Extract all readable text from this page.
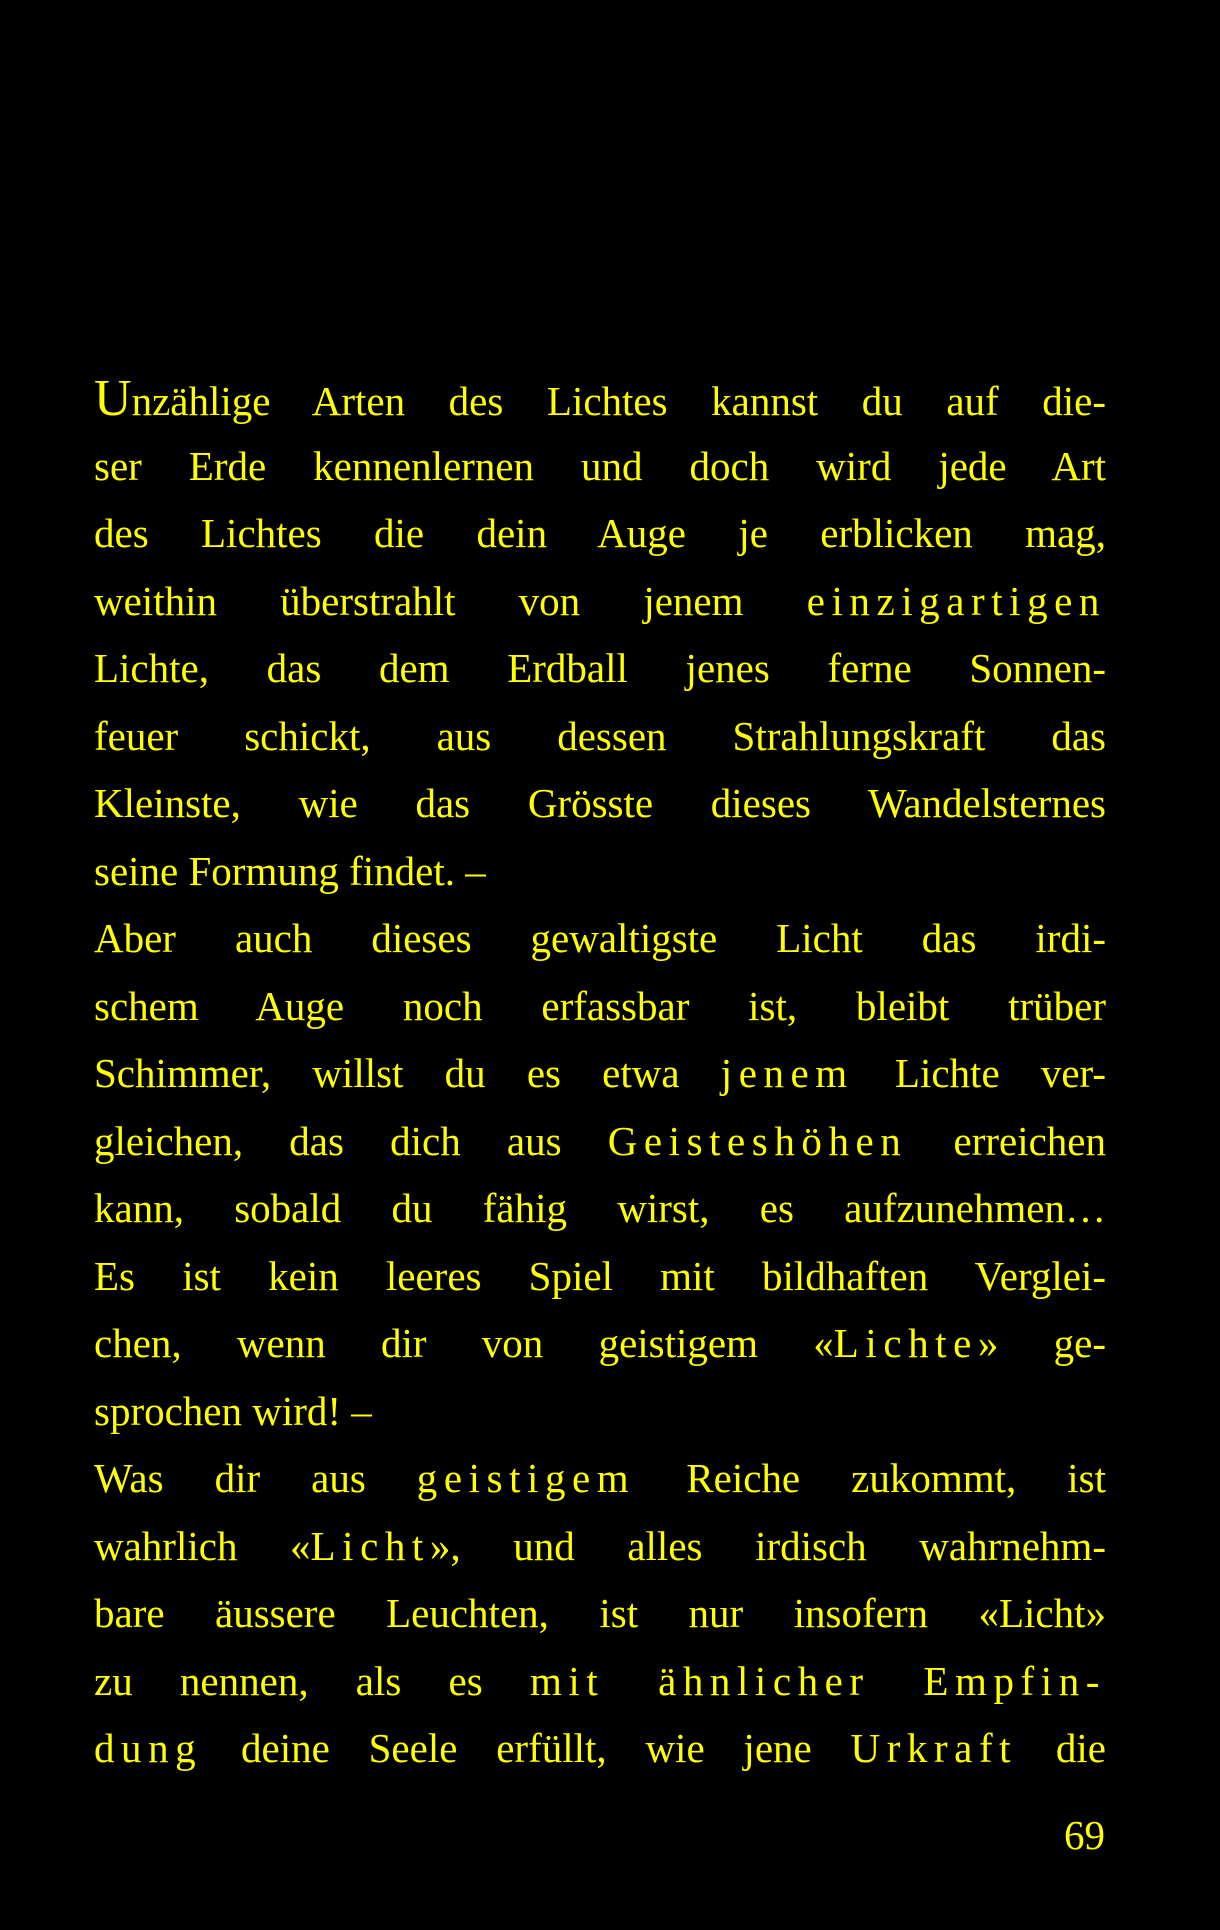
Unzählige Arten des Lichtes kannst du auf die-
ser Erde kennenlernen und doch wird jede Art
des Lichtes die dein Auge je erblicken mag,
weithin überstrahlt von jenem einzigartigen
Lichte, das dem Erdball jenes ferne Sonnen-
feuer schickt, aus dessen Strahlungskraft das
Kleinste, wie das Grösste dieses Wandelsternes
seine Formung findet. –
Aber auch dieses gewaltigste Licht das irdi-
schem Auge noch erfassbar ist, bleibt trüber
Schimmer, willst du es etwa jenem Lichte ver-
gleichen, das dich aus Geisteshöhen erreichen
kann, sobald du fähig wirst, es aufzunehmen…
Es ist kein leeres Spiel mit bildhaften Verglei-
chen, wenn dir von geistigem «Lichte» ge-
sprochen wird! –
Was dir aus geistigem Reiche zukommt, ist
wahrlich «Licht», und alles irdisch wahrnehm-
bare äussere Leuchten, ist nur insofern «Licht»
zu nennen, als es mit ähnlicher Empfin-
dung deine Seele erfüllt, wie jene Urkraft die
69
